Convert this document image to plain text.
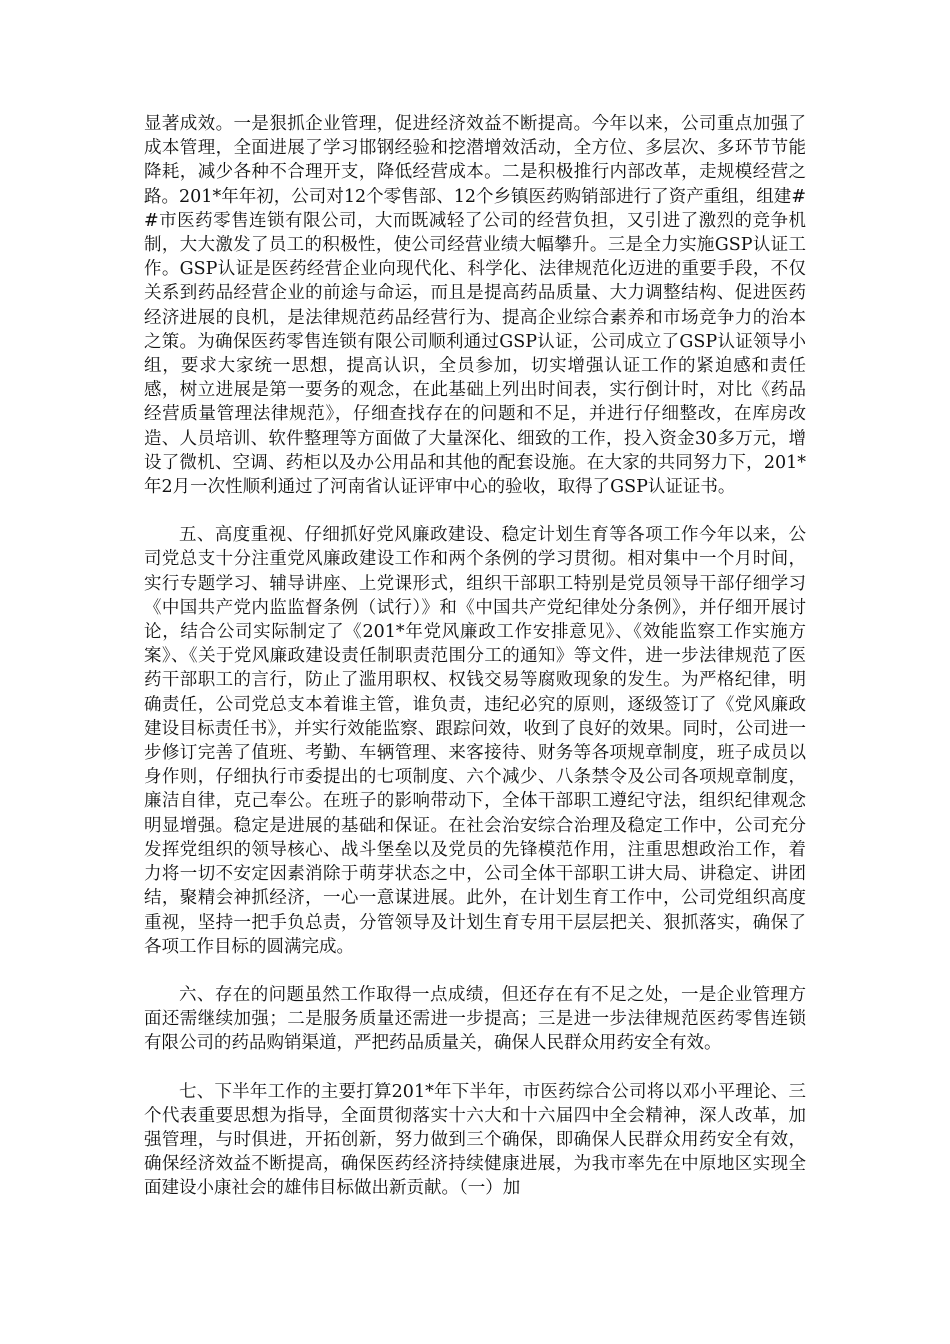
显著成效。一是狠抓企业管理，促进经济效益不断提高。今年以来，公司重点加强了成本管理，全面进展了学习邯钢经验和挖潜增效活动，全方位、多层次、多环节节能降耗，减少各种不合理开支，降低经营成本。二是积极推行内部改革，走规模经营之路。201*年年初，公司对12个零售部、12个乡镇医药购销部进行了资产重组，组建##市医药零售连锁有限公司，大而既减轻了公司的经营负担，又引进了激烈的竞争机制，大大激发了员工的积极性，使公司经营业绩大幅攀升。三是全力实施GSP认证工作。GSP认证是医药经营企业向现代化、科学化、法律规范化迈进的重要手段，不仅关系到药品经营企业的前途与命运，而且是提高药品质量、大力调整结构、促进医药经济进展的良机，是法律规范药品经营行为、提高企业综合素养和市场竞争力的治本之策。为确保医药零售连锁有限公司顺利通过GSP认证，公司成立了GSP认证领导小组，要求大家统一思想，提高认识，全员参加，切实增强认证工作的紧迫感和责任感，树立进展是第一要务的观念，在此基础上列出时间表，实行倒计时，对比《药品经营质量管理法律规范》，仔细查找存在的问题和不足，并进行仔细整改，在库房改造、人员培训、软件整理等方面做了大量深化、细致的工作，投入资金30多万元，增设了微机、空调、药柜以及办公用品和其他的配套设施。在大家的共同努力下，201*年2月一次性顺利通过了河南省认证评审中心的验收，取得了GSP认证证书。

五、高度重视、仔细抓好党风廉政建设、稳定计划生育等各项工作今年以来，公司党总支十分注重党风廉政建设工作和两个条例的学习贯彻。相对集中一个月时间，实行专题学习、辅导讲座、上党课形式，组织干部职工特别是党员领导干部仔细学习《中国共产党内监监督条例（试行）》和《中国共产党纪律处分条例》，并仔细开展讨论，结合公司实际制定了《201*年党风廉政工作安排意见》、《效能监察工作实施方案》、《关于党风廉政建设责任制职责范围分工的通知》等文件，进一步法律规范了医药干部职工的言行，防止了滥用职权、权钱交易等腐败现象的发生。为严格纪律，明确责任，公司党总支本着谁主管，谁负责，违纪必究的原则，逐级签订了《党风廉政建设目标责任书》，并实行效能监察、跟踪问效，收到了良好的效果。同时，公司进一步修订完善了值班、考勤、车辆管理、来客接待、财务等各项规章制度，班子成员以身作则，仔细执行市委提出的七项制度、六个减少、八条禁令及公司各项规章制度，廉洁自律，克己奉公。在班子的影响带动下，全体干部职工遵纪守法，组织纪律观念明显增强。稳定是进展的基础和保证。在社会治安综合治理及稳定工作中，公司充分发挥党组织的领导核心、战斗堡垒以及党员的先锋模范作用，注重思想政治工作，着力将一切不安定因素消除于萌芽状态之中，公司全体干部职工讲大局、讲稳定、讲团结，聚精会神抓经济，一心一意谋进展。此外，在计划生育工作中，公司党组织高度重视，坚持一把手负总责，分管领导及计划生育专用干层层把关、狠抓落实，确保了各项工作目标的圆满完成。

六、存在的问题虽然工作取得一点成绩，但还存在有不足之处，一是企业管理方面还需继续加强；二是服务质量还需进一步提高；三是进一步法律规范医药零售连锁有限公司的药品购销渠道，严把药品质量关，确保人民群众用药安全有效。

七、下半年工作的主要打算201*年下半年，市医药综合公司将以邓小平理论、三个代表重要思想为指导，全面贯彻落实十六大和十六届四中全会精神，深人改革，加强管理，与时俱进，开拓创新，努力做到三个确保，即确保人民群众用药安全有效，确保经济效益不断提高，确保医药经济持续健康进展，为我市率先在中原地区实现全面建设小康社会的雄伟目标做出新贡献。（一）加
